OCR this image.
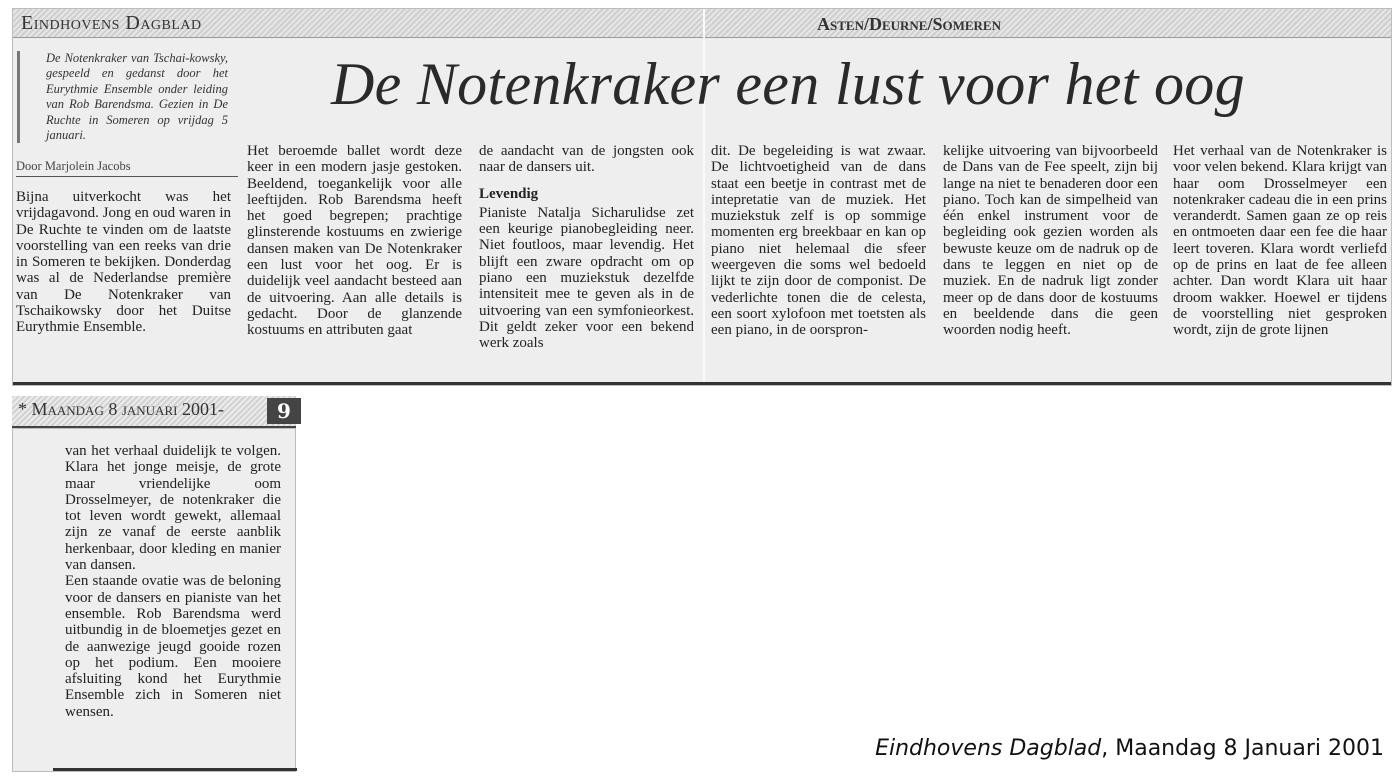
Eindhovens Dagblad	Asten/Deurne/Someren

De Notenkraker van Tschai-kowsky, gespeeld en gedanst door het Eurythmie Ensemble onder leiding van Rob Barendsma. Gezien in De Ruchte in Someren op vrijdag 5 januari.

De Notenkraker een lust voor het oog
Door Marjolein Jacobs

Bijna uitverkocht was het vrijdagavond. Jong en oud waren in De Ruchte te vinden om de laatste voorstelling van een reeks van drie in Someren te bekijken. Donderdag was al de Nederlandse première van De Notenkraker van Tschaikowsky door het Duitse Eurythmie Ensemble.

Het beroemde ballet wordt deze keer in een modern jasje gestoken. Beeldend, toegankelijk voor alle leeftijden. Rob Barendsma heeft het goed begrepen; prachtige glinsterende kostuums en zwierige dansen maken van De Notenkraker een lust voor het oog. Er is duidelijk veel aandacht besteed aan de uitvoering. Aan alle details is gedacht. Door de glanzende kostuums en attributen gaat

de aandacht van de jongsten ook naar de dansers uit.

Levendig

Pianiste Natalja Sicharulidse zet een keurige pianobegleiding neer. Niet foutloos, maar levendig. Het blijft een zware opdracht om op piano een muziekstuk dezelfde intensiteit mee te geven als in de uitvoering van een symfonieorkest. Dit geldt zeker voor een bekend werk zoals

dit. De begeleiding is wat zwaar. De lichtvoetigheid van de dans staat een beetje in contrast met de intepretatie van de muziek. Het muziekstuk zelf is op sommige momenten erg breekbaar en kan op piano niet helemaal die sfeer weergeven die soms wel bedoeld lijkt te zijn door de componist. De vederlichte tonen die de celesta, een soort xylofoon met toetsten als een piano, in de oorspron-

kelijke uitvoering van bijvoorbeeld de Dans van de Fee speelt, zijn bij lange na niet te benaderen door een piano. Toch kan de simpelheid van één enkel instrument voor de begleiding ook gezien worden als bewuste keuze om de nadruk op de dans te leggen en niet op de muziek. En de nadruk ligt zonder meer op de dans door de kostuums en beeldende dans die geen woorden nodig heeft.

Het verhaal van de Notenkraker is voor velen bekend. Klara krijgt van haar oom Drosselmeyer een notenkraker cadeau die in een prins veranderdt. Samen gaan ze op reis en ontmoeten daar een fee die haar leert toveren. Klara wordt verliefd op de prins en laat de fee alleen achter. Dan wordt Klara uit haar droom wakker. Hoewel er tijdens de voorstelling niet gesproken wordt, zijn de grote lijnen

* Maandag 8 januari 2001-	9

van het verhaal duidelijk te volgen. Klara het jonge meisje, de grote maar vriendelijke oom Drosselmeyer, de notenkraker die tot leven wordt gewekt, allemaal zijn ze vanaf de eerste aanblik herkenbaar, door kleding en manier van dansen.

Een staande ovatie was de beloning voor de dansers en pianiste van het ensemble. Rob Barendsma werd uitbundig in de bloemetjes gezet en de aanwezige jeugd gooide rozen op het podium. Een mooiere afsluiting kond het Eurythmie Ensemble zich in Someren niet wensen.

Eindhovens Dagblad, Maandag 8 Januari 2001
